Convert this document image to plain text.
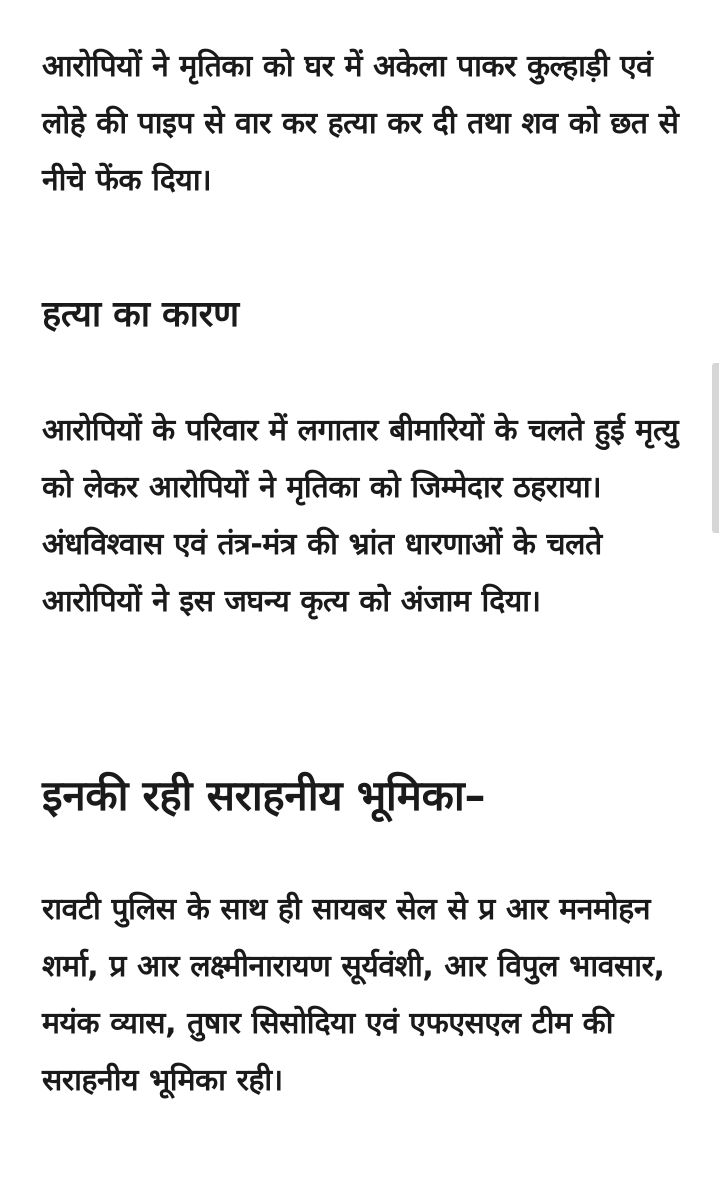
आरोपियों ने मृतिका को घर में अकेला पाकर कुल्हाड़ी एवं लोहे की पाइप से वार कर हत्या कर दी तथा शव को छत से नीचे फेंक दिया।

हत्या का कारण

आरोपियों के परिवार में लगातार बीमारियों के चलते हुई मृत्यु को लेकर आरोपियों ने मृतिका को जिम्मेदार ठहराया। अंधविश्वास एवं तंत्र-मंत्र की भ्रांत धारणाओं के चलते आरोपियों ने इस जघन्य कृत्य को अंजाम दिया।

इनकी रही सराहनीय भूमिका–

रावटी पुलिस के साथ ही सायबर सेल से प्र आर मनमोहन शर्मा, प्र आर लक्ष्मीनारायण सूर्यवंशी, आर विपुल भावसार, मयंक व्यास, तुषार सिसोदिया एवं एफएसएल टीम की सराहनीय भूमिका रही।
